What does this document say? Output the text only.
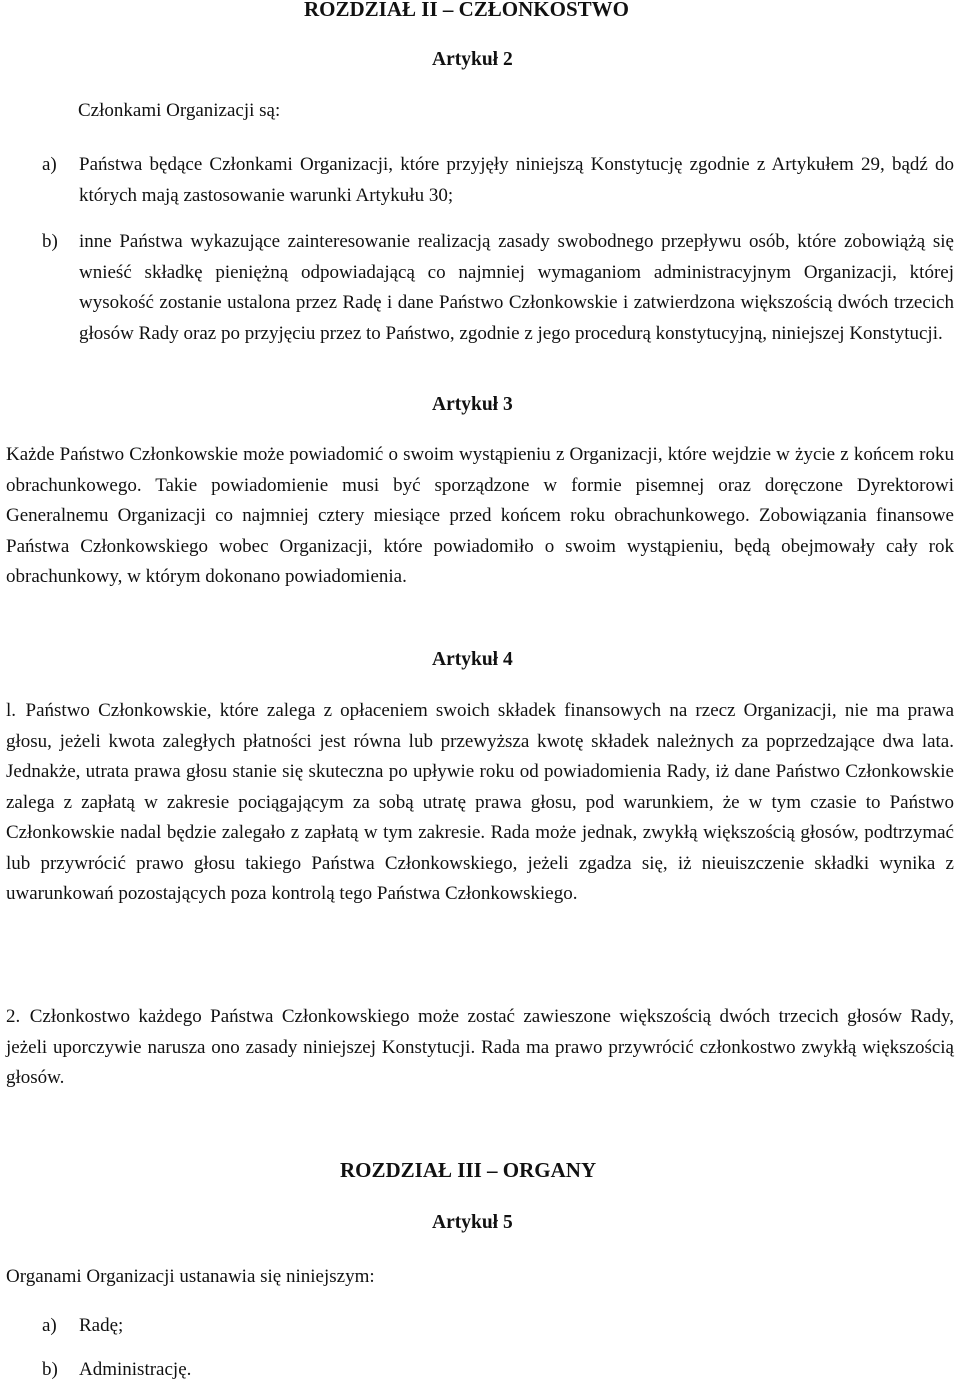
ROZDZIAŁ II – CZŁONKOSTWO
Artykuł 2
Członkami Organizacji są:
a) Państwa będące Członkami Organizacji, które przyjęły niniejszą Konstytucję zgodnie z Artykułem 29, bądź do których mają zastosowanie warunki Artykułu 30;
b) inne Państwa wykazujące zainteresowanie realizacją zasady swobodnego przepływu osób, które zobowiążą się wnieść składkę pieniężną odpowiadającą co najmniej wymaganiom administracyjnym Organizacji, której wysokość zostanie ustalona przez Radę i dane Państwo Członkowskie i zatwierdzona większością dwóch trzecich głosów Rady oraz po przyjęciu przez to Państwo, zgodnie z jego procedurą konstytucyjną, niniejszej Konstytucji.
Artykuł 3
Każde Państwo Członkowskie może powiadomić o swoim wystąpieniu z Organizacji, które wejdzie w życie z końcem roku obrachunkowego. Takie powiadomienie musi być sporządzone w formie pisemnej oraz doręczone Dyrektorowi Generalnemu Organizacji co najmniej cztery miesiące przed końcem roku obrachunkowego. Zobowiązania finansowe Państwa Członkowskiego wobec Organizacji, które powiadomiło o swoim wystąpieniu, będą obejmowały cały rok obrachunkowy, w którym dokonano powiadomienia.
Artykuł 4
l. Państwo Członkowskie, które zalega z opłaceniem swoich składek finansowych na rzecz Organizacji, nie ma prawa głosu, jeżeli kwota zaległych płatności jest równa lub przewyższa kwotę składek należnych za poprzedzające dwa lata. Jednakże, utrata prawa głosu stanie się skuteczna po upływie roku od powiadomienia Rady, iż dane Państwo Członkowskie zalega z zapłatą w zakresie pociągającym za sobą utratę prawa głosu, pod warunkiem, że w tym czasie to Państwo Członkowskie nadal będzie zalegało z zapłatą w tym zakresie. Rada może jednak, zwykłą większością głosów, podtrzymać lub przywrócić prawo głosu takiego Państwa Członkowskiego, jeżeli zgadza się, iż nieuiszczenie składki wynika z uwarunkowań pozostających poza kontrolą tego Państwa Członkowskiego.
2. Członkostwo każdego Państwa Członkowskiego może zostać zawieszone większością dwóch trzecich głosów Rady, jeżeli uporczywie narusza ono zasady niniejszej Konstytucji. Rada ma prawo przywrócić członkostwo zwykłą większością głosów.
ROZDZIAŁ III – ORGANY
Artykuł 5
Organami Organizacji ustanawia się niniejszym:
a) Radę;
b) Administrację.
